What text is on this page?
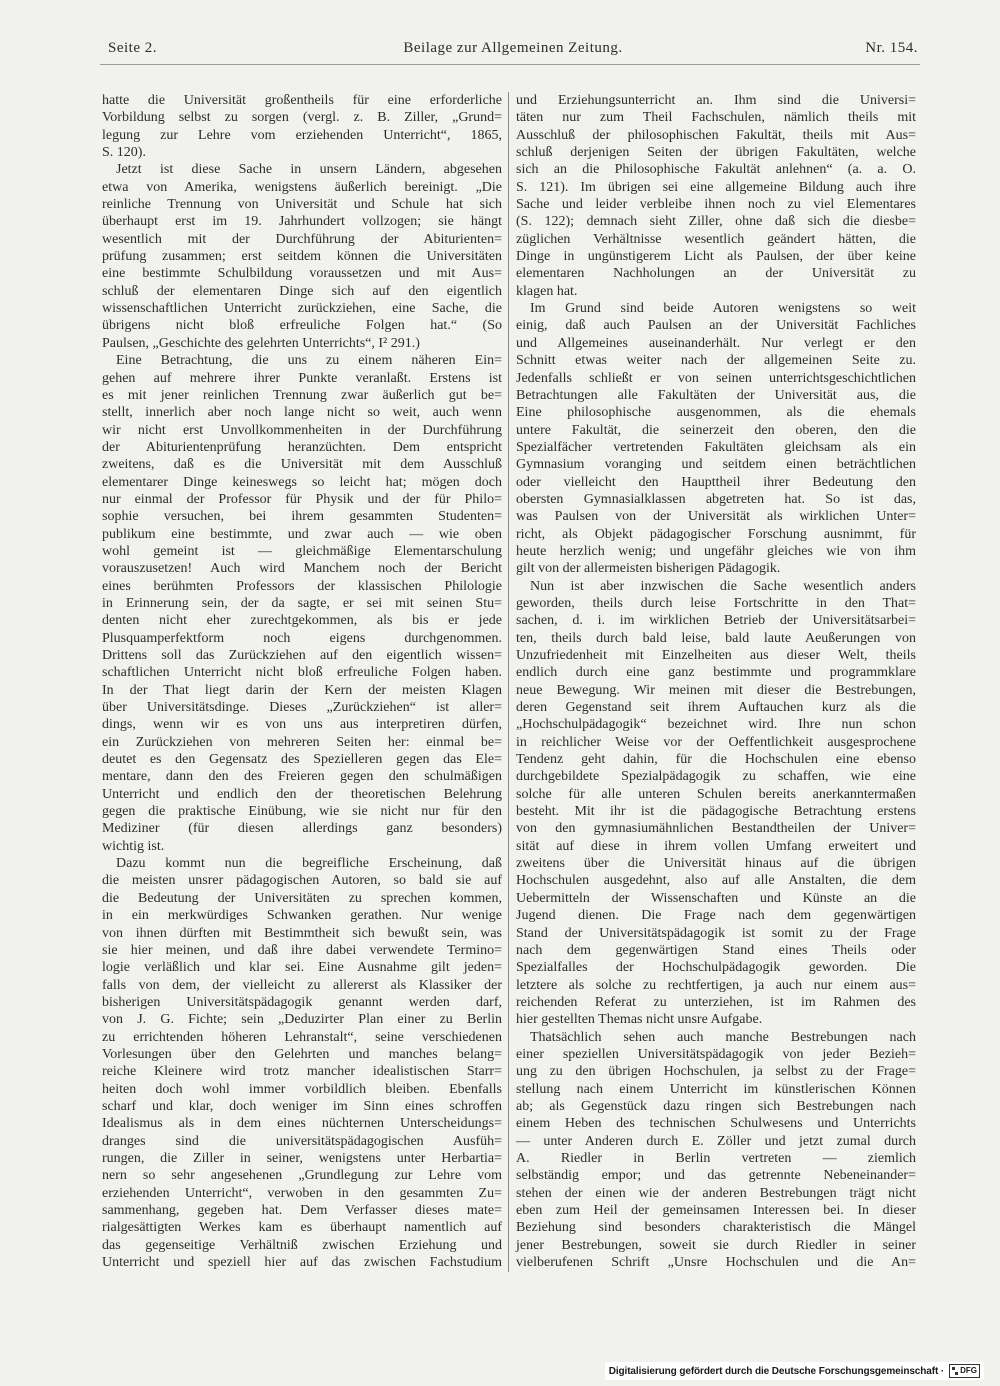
Seite 2.	Beilage zur Allgemeinen Zeitung.	Nr. 154.
hatte die Universität großentheils für eine erforderliche
Vorbildung selbst zu sorgen (vergl. z. B. Ziller, „Grund=
legung zur Lehre vom erziehenden Unterricht“, 1865,
S. 120).
Jetzt ist diese Sache in unsern Ländern, abgesehen
etwa von Amerika, wenigstens äußerlich bereinigt. „Die
reinliche Trennung von Universität und Schule hat sich
überhaupt erst im 19. Jahrhundert vollzogen; sie hängt
wesentlich mit der Durchführung der Abiturienten=
prüfung zusammen; erst seitdem können die Universitäten
eine bestimmte Schulbildung voraussetzen und mit Aus=
schluß der elementaren Dinge sich auf den eigentlich
wissenschaftlichen Unterricht zurückziehen, eine Sache, die
übrigens nicht bloß erfreuliche Folgen hat.“ (So
Paulsen, „Geschichte des gelehrten Unterrichts“, I² 291.)
Eine Betrachtung, die uns zu einem näheren Ein=
gehen auf mehrere ihrer Punkte veranlaßt. Erstens ist
es mit jener reinlichen Trennung zwar äußerlich gut be=
stellt, innerlich aber noch lange nicht so weit, auch wenn
wir nicht erst Unvollkommenheiten in der Durchführung
der Abiturientenprüfung heranzüchten. Dem entspricht
zweitens, daß es die Universität mit dem Ausschluß
elementarer Dinge keineswegs so leicht hat; mögen doch
nur einmal der Professor für Physik und der für Philo=
sophie versuchen, bei ihrem gesammten Studenten=
publikum eine bestimmte, und zwar auch — wie oben
wohl gemeint ist — gleichmäßige Elementarschulung
vorauszusetzen! Auch wird Manchem noch der Bericht
eines berühmten Professors der klassischen Philologie
in Erinnerung sein, der da sagte, er sei mit seinen Stu=
denten nicht eher zurechtgekommen, als bis er jede
Plusquamperfektform noch eigens durchgenommen.
Drittens soll das Zurückziehen auf den eigentlich wissen=
schaftlichen Unterricht nicht bloß erfreuliche Folgen haben.
In der That liegt darin der Kern der meisten Klagen
über Universitätsdinge. Dieses „Zurückziehen“ ist aller=
dings, wenn wir es von uns aus interpretiren dürfen,
ein Zurückziehen von mehreren Seiten her: einmal be=
deutet es den Gegensatz des Spezielleren gegen das Ele=
mentare, dann den des Freieren gegen den schulmäßigen
Unterricht und endlich den der theoretischen Belehrung
gegen die praktische Einübung, wie sie nicht nur für den
Mediziner (für diesen allerdings ganz besonders)
wichtig ist.
Dazu kommt nun die begreifliche Erscheinung, daß
die meisten unsrer pädagogischen Autoren, so bald sie auf
die Bedeutung der Universitäten zu sprechen kommen,
in ein merkwürdiges Schwanken gerathen. Nur wenige
von ihnen dürften mit Bestimmtheit sich bewußt sein, was
sie hier meinen, und daß ihre dabei verwendete Termino=
logie verläßlich und klar sei. Eine Ausnahme gilt jeden=
falls von dem, der vielleicht zu allererst als Klassiker der
bisherigen Universitätspädagogik genannt werden darf,
von J. G. Fichte; sein „Deduzirter Plan einer zu Berlin
zu errichtenden höheren Lehranstalt“, seine verschiedenen
Vorlesungen über den Gelehrten und manches belang=
reiche Kleinere wird trotz mancher idealistischen Starr=
heiten doch wohl immer vorbildlich bleiben. Ebenfalls
scharf und klar, doch weniger im Sinn eines schroffen
Idealismus als in dem eines nüchternen Unterscheidungs=
dranges sind die universitätspädagogischen Ausfüh=
rungen, die Ziller in seiner, wenigstens unter Herbartia=
nern so sehr angesehenen „Grundlegung zur Lehre vom
erziehenden Unterricht“, verwoben in den gesammten Zu=
sammenhang, gegeben hat. Dem Verfasser dieses mate=
rialgesättigten Werkes kam es überhaupt namentlich auf
das gegenseitige Verhältniß zwischen Erziehung und
Unterricht und speziell hier auf das zwischen Fachstudium
und Erziehungsunterricht an. Ihm sind die Universi=
täten nur zum Theil Fachschulen, nämlich theils mit
Ausschluß der philosophischen Fakultät, theils mit Aus=
schluß derjenigen Seiten der übrigen Fakultäten, welche
sich an die Philosophische Fakultät anlehnen“ (a. a. O.
S. 121). Im übrigen sei eine allgemeine Bildung auch ihre
Sache und leider verbleibe ihnen noch zu viel Elementares
(S. 122); demnach sieht Ziller, ohne daß sich die diesbe=
züglichen Verhältnisse wesentlich geändert hätten, die
Dinge in ungünstigerem Licht als Paulsen, der über keine
elementaren Nachholungen an der Universität zu
klagen hat.
Im Grund sind beide Autoren wenigstens so weit
einig, daß auch Paulsen an der Universität Fachliches
und Allgemeines auseinanderhält. Nur verlegt er den
Schnitt etwas weiter nach der allgemeinen Seite zu.
Jedenfalls schließt er von seinen unterrichtsgeschichtlichen
Betrachtungen alle Fakultäten der Universität aus, die
Eine philosophische ausgenommen, als die ehemals
untere Fakultät, die seinerzeit den oberen, den die
Spezialfächer vertretenden Fakultäten gleichsam als ein
Gymnasium voranging und seitdem einen beträchtlichen
oder vielleicht den Haupttheil ihrer Bedeutung den
obersten Gymnasialklassen abgetreten hat. So ist das,
was Paulsen von der Universität als wirklichen Unter=
richt, als Objekt pädagogischer Forschung ausnimmt, für
heute herzlich wenig; und ungefähr gleiches wie von ihm
gilt von der allermeisten bisherigen Pädagogik.
Nun ist aber inzwischen die Sache wesentlich anders
geworden, theils durch leise Fortschritte in den That=
sachen, d. i. im wirklichen Betrieb der Universitätsarbei=
ten, theils durch bald leise, bald laute Aeußerungen von
Unzufriedenheit mit Einzelheiten aus dieser Welt, theils
endlich durch eine ganz bestimmte und programmklare
neue Bewegung. Wir meinen mit dieser die Bestrebungen,
deren Gegenstand seit ihrem Auftauchen kurz als die
„Hochschulpädagogik“ bezeichnet wird. Ihre nun schon
in reichlicher Weise vor der Oeffentlichkeit ausgesprochene
Tendenz geht dahin, für die Hochschulen eine ebenso
durchgebildete Spezialpädagogik zu schaffen, wie eine
solche für alle unteren Schulen bereits anerkanntermaßen
besteht. Mit ihr ist die pädagogische Betrachtung erstens
von den gymnasiumähnlichen Bestandtheilen der Univer=
sität auf diese in ihrem vollen Umfang erweitert und
zweitens über die Universität hinaus auf die übrigen
Hochschulen ausgedehnt, also auf alle Anstalten, die dem
Uebermitteln der Wissenschaften und Künste an die
Jugend dienen. Die Frage nach dem gegenwärtigen
Stand der Universitätspädagogik ist somit zu der Frage
nach dem gegenwärtigen Stand eines Theils oder
Spezialfalles der Hochschulpädagogik geworden. Die
letztere als solche zu rechtfertigen, ja auch nur einem aus=
reichenden Referat zu unterziehen, ist im Rahmen des
hier gestellten Themas nicht unsre Aufgabe.
Thatsächlich sehen auch manche Bestrebungen nach
einer speziellen Universitätspädagogik von jeder Bezieh=
ung zu den übrigen Hochschulen, ja selbst zu der Frage=
stellung nach einem Unterricht im künstlerischen Können
ab; als Gegenstück dazu ringen sich Bestrebungen nach
einem Heben des technischen Schulwesens und Unterrichts
— unter Anderen durch E. Zöller und jetzt zumal durch
A. Riedler in Berlin vertreten — ziemlich
selbständig empor; und das getrennte Nebeneinander=
stehen der einen wie der anderen Bestrebungen trägt nicht
eben zum Heil der gemeinsamen Interessen bei. In dieser
Beziehung sind besonders charakteristisch die Mängel
jener Bestrebungen, soweit sie durch Riedler in seiner
vielberufenen Schrift „Unsre Hochschulen und die An=
Digitalisierung gefördert durch die Deutsche Forschungsgemeinschaft · DFG
